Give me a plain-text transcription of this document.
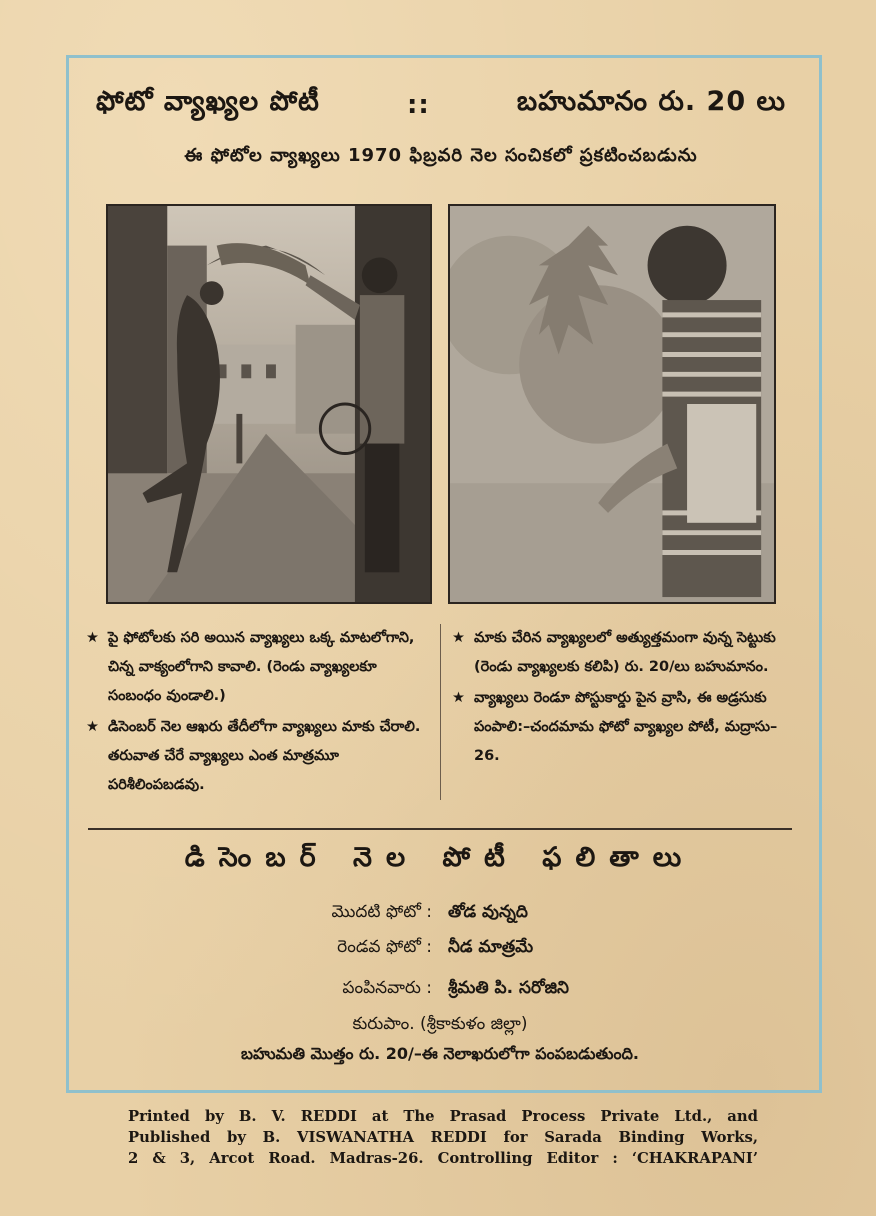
ఫోటో వ్యాఖ్యల పోటీ	::	బహుమానం రు. 20 లు
ఈ ఫోటోల వ్యాఖ్యలు 1970 ఫిబ్రవరి నెల సంచికలో ప్రకటించబడును
★ పై ఫోటోలకు సరి అయిన వ్యాఖ్యలు ఒక్క మాటలోగాని, చిన్న వాక్యంలోగాని కావాలి. (రెండు వ్యాఖ్యలకూ సంబంధం వుండాలి.)
★ డిసెంబర్ నెల ఆఖరు తేదీలోగా వ్యాఖ్యలు మాకు చేరాలి. తరువాత చేరే వ్యాఖ్యలు ఎంత మాత్రమూ పరిశీలింపబడవు.
★ మాకు చేరిన వ్యాఖ్యలలో అత్యుత్తమంగా వున్న సెట్టుకు (రెండు వ్యాఖ్యలకు కలిపి) రు. 20/లు బహుమానం.
★ వ్యాఖ్యలు రెండూ పోస్టుకార్డు పైన వ్రాసి, ఈ అడ్రసుకు పంపాలి:–చందమామ ఫోటో వ్యాఖ్యల పోటీ, మద్రాసు–26.
డిసెంబర్ నెల పోటీ ఫలితాలు
మొదటి ఫోటో : తోడ వున్నది
రెండవ ఫోటో : నీడ మాత్రమే
పంపినవారు : శ్రీమతి పి. సరోజిని
కురుపాం. (శ్రీకాకుళం జిల్లా)
బహుమతి మొత్తం రు. 20/–ఈ నెలాఖరులోగా పంపబడుతుంది.
Printed by B. V. REDDI at The Prasad Process Private Ltd., and
Published by B. VISWANATHA REDDI for Sarada Binding Works,
2 & 3, Arcot Road. Madras-26. Controlling Editor : ‘CHAKRAPANI’
